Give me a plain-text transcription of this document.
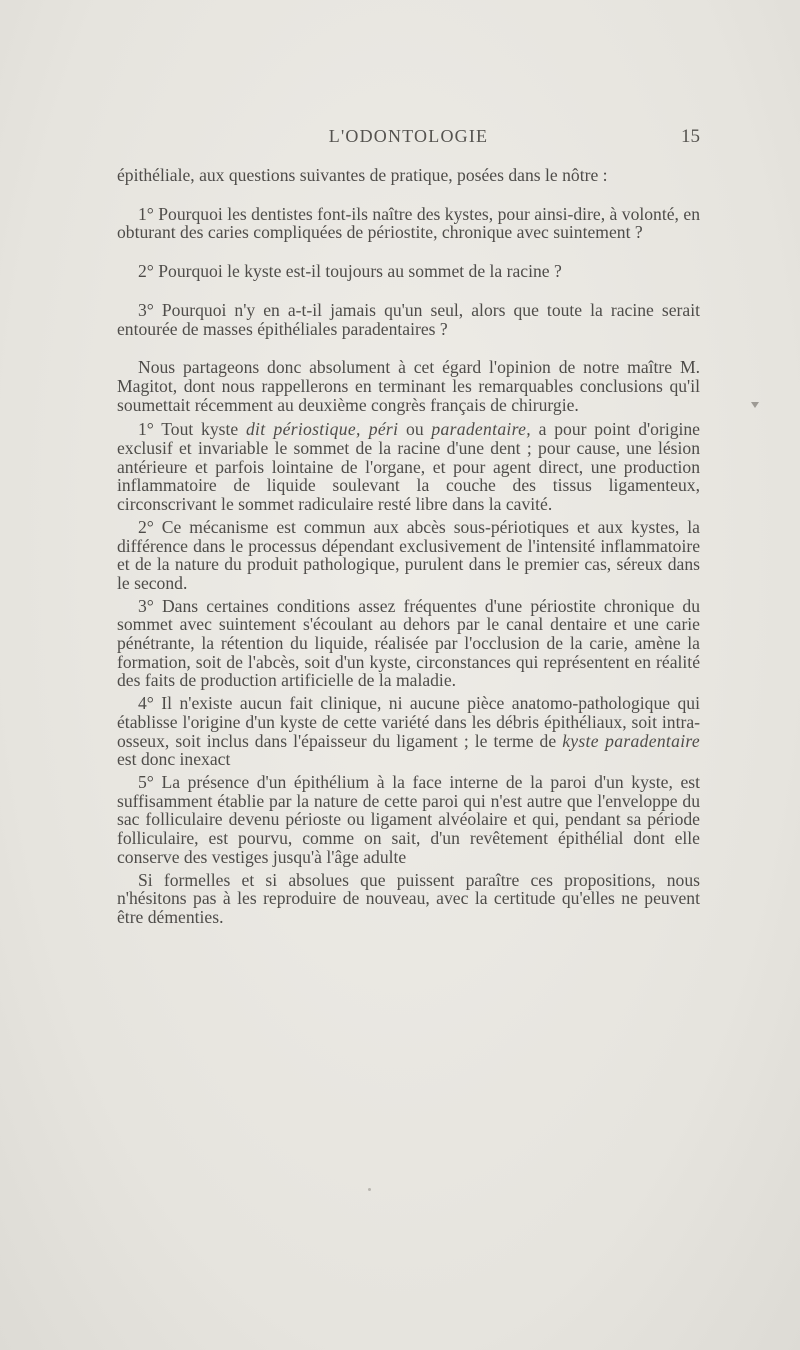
L'ODONTOLOGIE	15

épithéliale, aux questions suivantes de pratique, posées dans le nôtre :

1° Pourquoi les dentistes font-ils naître des kystes, pour ainsi-dire, à volonté, en obturant des caries compliquées de périostite, chronique avec suintement ?

2° Pourquoi le kyste est-il toujours au sommet de la racine ?

3° Pourquoi n'y en a-t-il jamais qu'un seul, alors que toute la racine serait entourée de masses épithéliales paradentaires ?

Nous partageons donc absolument à cet égard l'opinion de notre maître M. Magitot, dont nous rappellerons en terminant les remarquables conclusions qu'il soumettait récemment au deuxième congrès français de chirurgie.

1° Tout kyste dit périostique, péri ou paradentaire, a pour point d'origine exclusif et invariable le sommet de la racine d'une dent ; pour cause, une lésion antérieure et parfois lointaine de l'organe, et pour agent direct, une production inflammatoire de liquide soulevant la couche des tissus ligamenteux, circonscrivant le sommet radiculaire resté libre dans la cavité.

2° Ce mécanisme est commun aux abcès sous-périotiques et aux kystes, la différence dans le processus dépendant exclusivement de l'intensité inflammatoire et de la nature du produit pathologique, purulent dans le premier cas, séreux dans le second.

3° Dans certaines conditions assez fréquentes d'une périostite chronique du sommet avec suintement s'écoulant au dehors par le canal dentaire et une carie pénétrante, la rétention du liquide, réalisée par l'occlusion de la carie, amène la formation, soit de l'abcès, soit d'un kyste, circonstances qui représentent en réalité des faits de production artificielle de la maladie.

4° Il n'existe aucun fait clinique, ni aucune pièce anatomo-pathologique qui établisse l'origine d'un kyste de cette variété dans les débris épithéliaux, soit intra-osseux, soit inclus dans l'épaisseur du ligament ; le terme de kyste paradentaire est donc inexact

5° La présence d'un épithélium à la face interne de la paroi d'un kyste, est suffisamment établie par la nature de cette paroi qui n'est autre que l'enveloppe du sac folliculaire devenu périoste ou ligament alvéolaire et qui, pendant sa période folliculaire, est pourvu, comme on sait, d'un revêtement épithélial dont elle conserve des vestiges jusqu'à l'âge adulte

Si formelles et si absolues que puissent paraître ces propositions, nous n'hésitons pas à les reproduire de nouveau, avec la certitude qu'elles ne peuvent être démenties.
